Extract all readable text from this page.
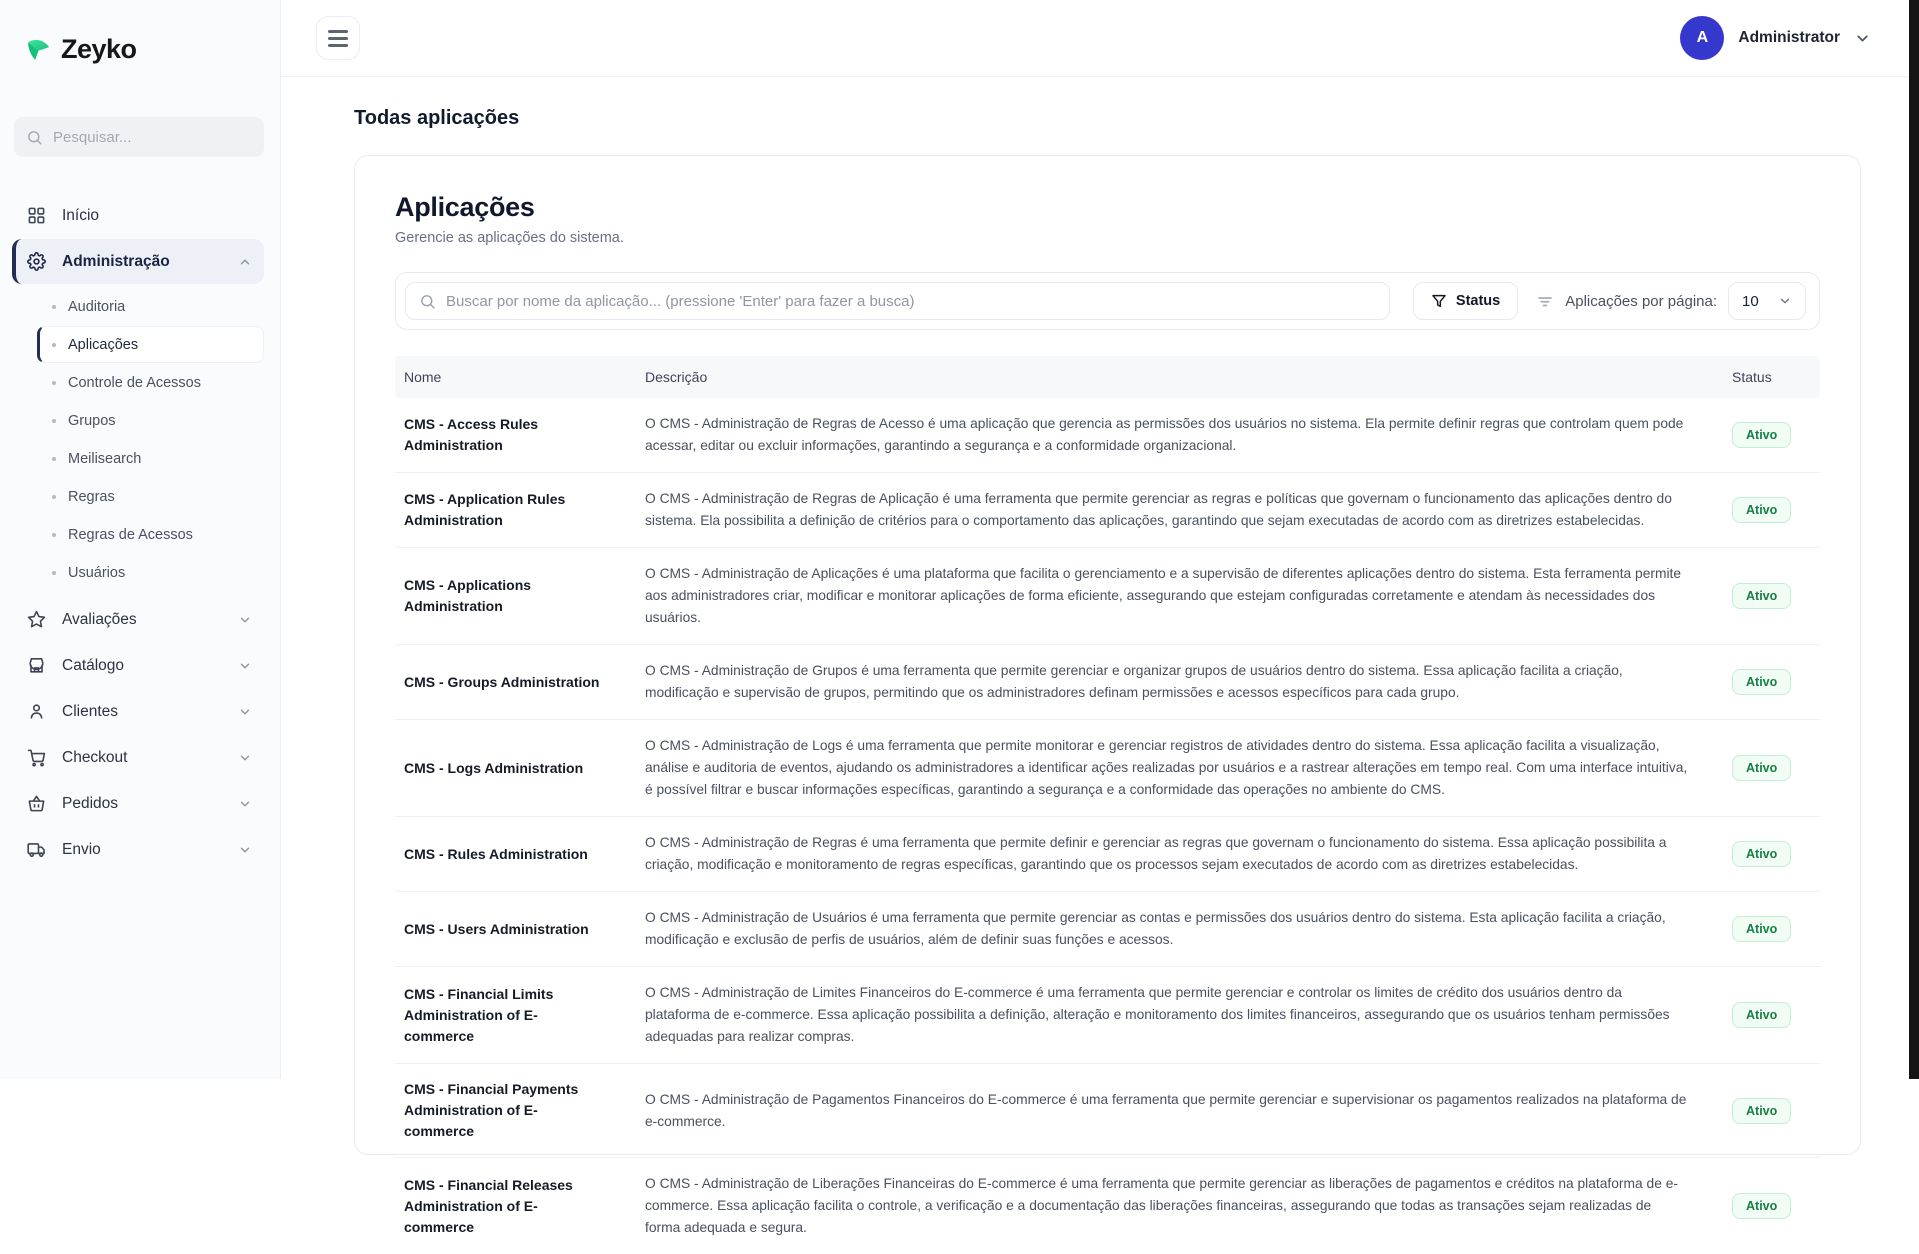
Zeyko
Pesquisar...
Início
Administração
Auditoria
Aplicações
Controle de Acessos
Grupos
Meilisearch
Regras
Regras de Acessos
Usuários
Avaliações
Catálogo
Clientes
Checkout
Pedidos
Envio
A	Administrator
Todas aplicações
Aplicações

Gerencie as aplicações do sistema.

Buscar por nome da aplicação... (pressione 'Enter' para fazer a busca)
Status	Aplicações por página: 10
Nome	Descrição	Status
CMS - Access Rules Administration	O CMS - Administração de Regras de Acesso é uma aplicação que gerencia as permissões dos usuários no sistema. Ela permite definir regras que controlam quem pode acessar, editar ou excluir informações, garantindo a segurança e a conformidade organizacional.	Ativo
CMS - Application Rules Administration	O CMS - Administração de Regras de Aplicação é uma ferramenta que permite gerenciar as regras e políticas que governam o funcionamento das aplicações dentro do sistema. Ela possibilita a definição de critérios para o comportamento das aplicações, garantindo que sejam executadas de acordo com as diretrizes estabelecidas.	Ativo
CMS - Applications Administration	O CMS - Administração de Aplicações é uma plataforma que facilita o gerenciamento e a supervisão de diferentes aplicações dentro do sistema. Esta ferramenta permite aos administradores criar, modificar e monitorar aplicações de forma eficiente, assegurando que estejam configuradas corretamente e atendam às necessidades dos usuários.	Ativo
CMS - Groups Administration	O CMS - Administração de Grupos é uma ferramenta que permite gerenciar e organizar grupos de usuários dentro do sistema. Essa aplicação facilita a criação, modificação e supervisão de grupos, permitindo que os administradores definam permissões e acessos específicos para cada grupo.	Ativo
CMS - Logs Administration	O CMS - Administração de Logs é uma ferramenta que permite monitorar e gerenciar registros de atividades dentro do sistema. Essa aplicação facilita a visualização, análise e auditoria de eventos, ajudando os administradores a identificar ações realizadas por usuários e a rastrear alterações em tempo real. Com uma interface intuitiva, é possível filtrar e buscar informações específicas, garantindo a segurança e a conformidade das operações no ambiente do CMS.	Ativo
CMS - Rules Administration	O CMS - Administração de Regras é uma ferramenta que permite definir e gerenciar as regras que governam o funcionamento do sistema. Essa aplicação possibilita a criação, modificação e monitoramento de regras específicas, garantindo que os processos sejam executados de acordo com as diretrizes estabelecidas.	Ativo
CMS - Users Administration	O CMS - Administração de Usuários é uma ferramenta que permite gerenciar as contas e permissões dos usuários dentro do sistema. Esta aplicação facilita a criação, modificação e exclusão de perfis de usuários, além de definir suas funções e acessos.	Ativo
CMS - Financial Limits Administration of E-commerce	O CMS - Administração de Limites Financeiros do E-commerce é uma ferramenta que permite gerenciar e controlar os limites de crédito dos usuários dentro da plataforma de e-commerce. Essa aplicação possibilita a definição, alteração e monitoramento dos limites financeiros, assegurando que os usuários tenham permissões adequadas para realizar compras.	Ativo
CMS - Financial Payments Administration of E-commerce	O CMS - Administração de Pagamentos Financeiros do E-commerce é uma ferramenta que permite gerenciar e supervisionar os pagamentos realizados na plataforma de e-commerce.	Ativo
CMS - Financial Releases Administration of E-commerce	O CMS - Administração de Liberações Financeiras do E-commerce é uma ferramenta que permite gerenciar as liberações de pagamentos e créditos na plataforma de e-commerce. Essa aplicação facilita o controle, a verificação e a documentação das liberações financeiras, assegurando que todas as transações sejam realizadas de forma adequada e segura.	Ativo
